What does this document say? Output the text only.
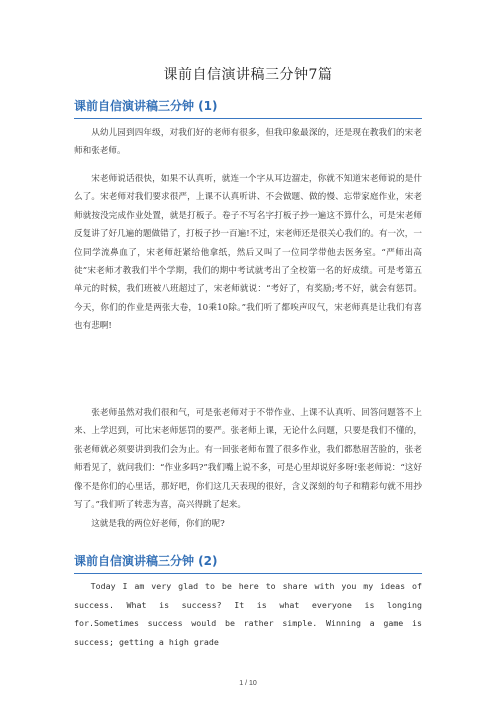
课前自信演讲稿三分钟7篇
课前自信演讲稿三分钟 (1)

从幼儿园到四年级，对我们好的老师有很多，但我印象最深的，还是现在教我们的宋老师和张老师。

宋老师说话很快，如果不认真听，就连一个字从耳边溜走，你就不知道宋老师说的是什么了。宋老师对我们要求很严，上课不认真听讲、不会做题、做的慢、忘带家庭作业，宋老师就按没完成作业处置，就是打板子。卷子不写名字打板子抄一遍这不算什么，可是宋老师反复讲了好几遍的题做错了，打板子抄一百遍!不过，宋老师还是很关心我们的。有一次，一位同学流鼻血了，宋老师赶紧给他拿纸，然后又叫了一位同学带他去医务室。“严师出高徒”宋老师才教我们半个学期，我们的期中考试就考出了全校第一名的好成绩。可是考第五单元的时候，我们班被八班超过了，宋老师就说：“考好了，有奖励;考不好，就会有惩罚。今天，你们的作业是两张大卷，10乘10除。”我们听了都唉声叹气，宋老师真是让我们有喜也有悲啊!

张老师虽然对我们很和气，可是张老师对于不带作业、上课不认真听、回答问题答不上来、上学迟到，可比宋老师惩罚的要严。张老师上课，无论什么问题，只要是我们不懂的，张老师就必须要讲到我们会为止。有一回张老师布置了很多作业，我们都愁眉苦脸的，张老师看见了，就问我们：“作业多吗?”我们嘴上说不多，可是心里却说好多呀!张老师说：“这好像不是你们的心里话，那好吧，你们这几天表现的很好，含义深刻的句子和精彩句就不用抄写了。”我们听了转悲为喜，高兴得跳了起来。

这就是我的两位好老师，你们的呢?

课前自信演讲稿三分钟 (2)

Today I am very glad to be here to share with you my ideas of success. What is success? It is what everyone is longing for.Sometimes success would be rather simple. Winning a game is success; getting a high grade

1 / 10
